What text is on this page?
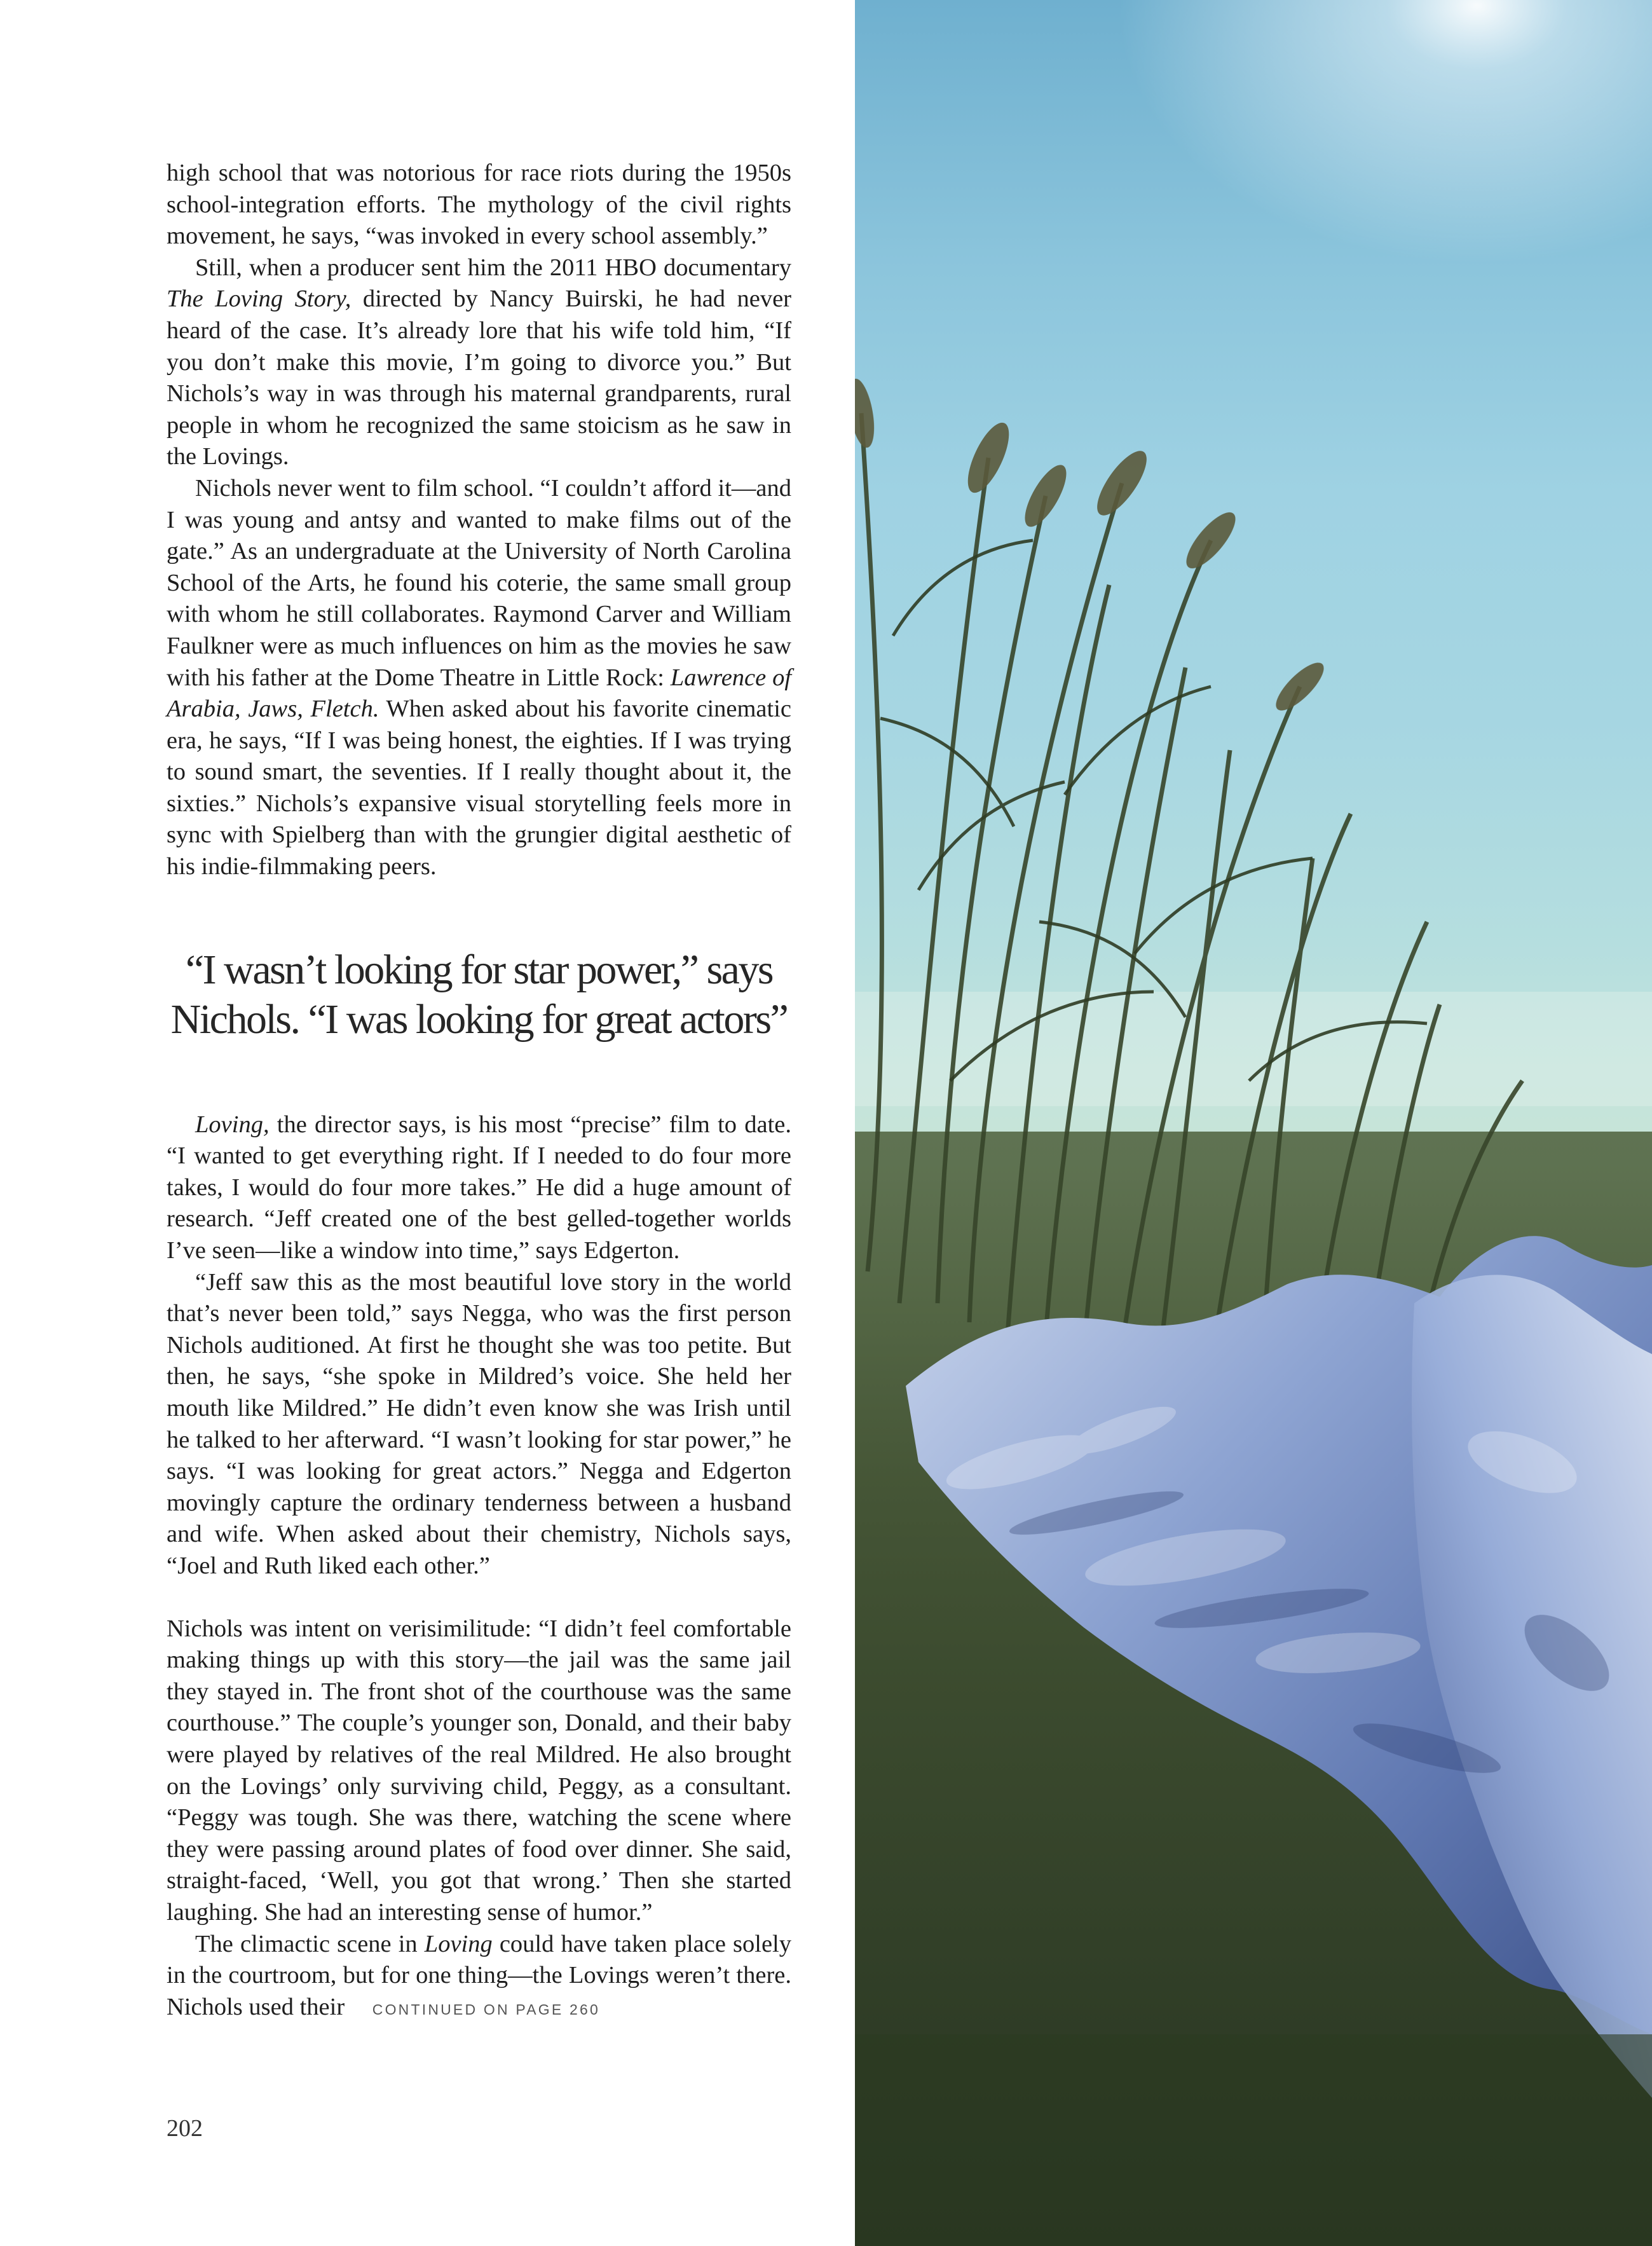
high school that was notorious for race riots during the 1950s school-integration efforts. The mythology of the civil rights movement, he says, “was invoked in every school assembly.”

Still, when a producer sent him the 2011 HBO documentary The Loving Story, directed by Nancy Buirski, he had never heard of the case. It’s already lore that his wife told him, “If you don’t make this movie, I’m going to divorce you.” But Nichols’s way in was through his maternal grandparents, rural people in whom he recognized the same stoicism as he saw in the Lovings.

Nichols never went to film school. “I couldn’t afford it—and I was young and antsy and wanted to make films out of the gate.” As an undergraduate at the University of North Carolina School of the Arts, he found his coterie, the same small group with whom he still collaborates. Raymond Carver and William Faulkner were as much influences on him as the movies he saw with his father at the Dome Theatre in Little Rock: Lawrence of Arabia, Jaws, Fletch. When asked about his favorite cinematic era, he says, “If I was being honest, the eighties. If I was trying to sound smart, the seventies. If I really thought about it, the sixties.” Nichols’s expansive visual storytelling feels more in sync with Spielberg than with the grungier digital aesthetic of his indie-filmmaking peers.

“I wasn’t looking for star power,” says Nichols. “I was looking for great actors”

Loving, the director says, is his most “precise” film to date. “I wanted to get everything right. If I needed to do four more takes, I would do four more takes.” He did a huge amount of research. “Jeff created one of the best gelled-together worlds I’ve seen—like a window into time,” says Edgerton.

“Jeff saw this as the most beautiful love story in the world that’s never been told,” says Negga, who was the first person Nichols auditioned. At first he thought she was too petite. But then, he says, “she spoke in Mildred’s voice. She held her mouth like Mildred.” He didn’t even know she was Irish until he talked to her afterward. “I wasn’t looking for star power,” he says. “I was looking for great actors.” Negga and Edgerton movingly capture the ordinary tenderness between a husband and wife. When asked about their chemistry, Nichols says, “Joel and Ruth liked each other.”

Nichols was intent on verisimilitude: “I didn’t feel comfortable making things up with this story—the jail was the same jail they stayed in. The front shot of the courthouse was the same courthouse.” The couple’s younger son, Donald, and their baby were played by relatives of the real Mildred. He also brought on the Lovings’ only surviving child, Peggy, as a consultant. “Peggy was tough. She was there, watching the scene where they were passing around plates of food over dinner. She said, straight-faced, ‘Well, you got that wrong.’ Then she started laughing. She had an interesting sense of humor.”

The climactic scene in Loving could have taken place solely in the courtroom, but for one thing—the Lovings weren’t there. Nichols used their CONTINUED ON PAGE 260

202
